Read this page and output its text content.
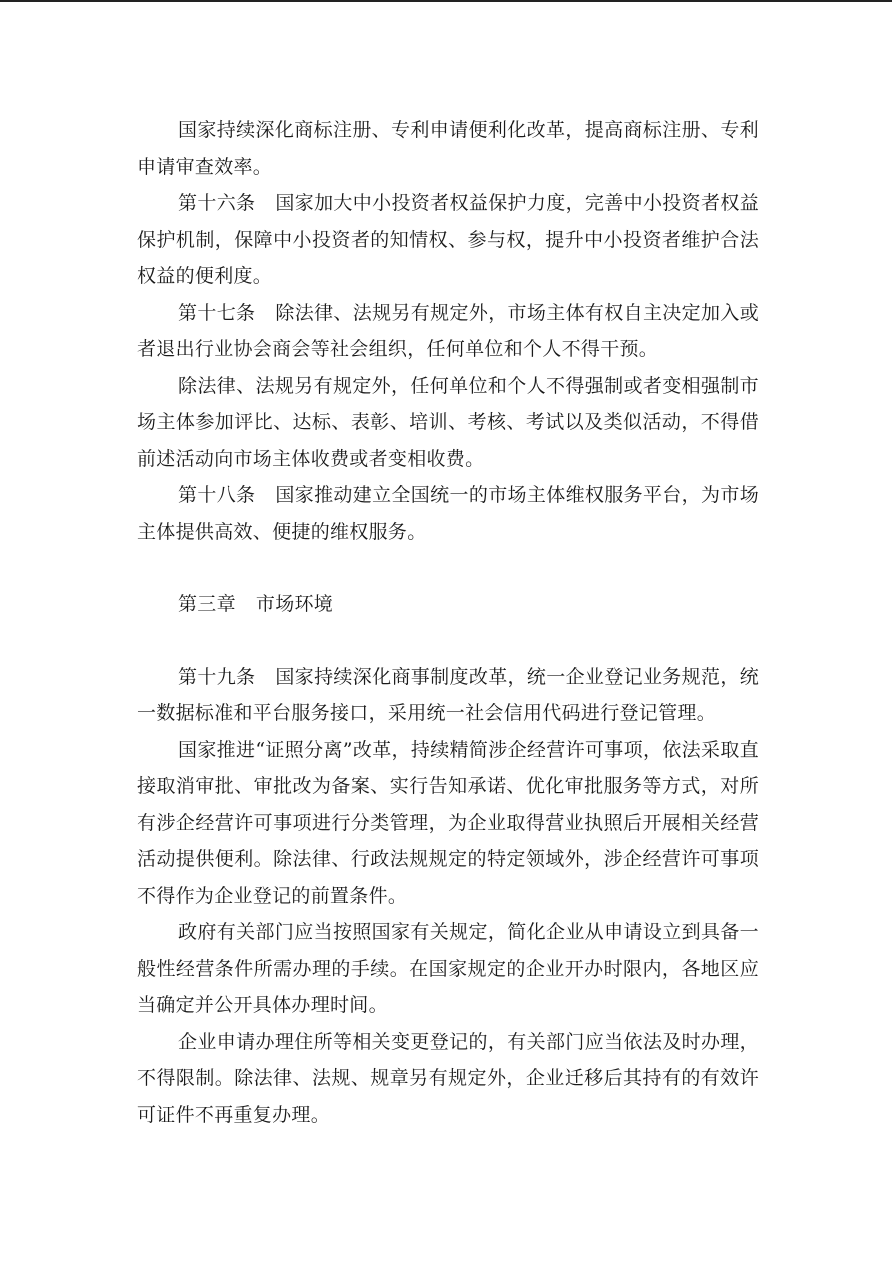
国家持续深化商标注册、专利申请便利化改革，提高商标注册、专利申请审查效率。

第十六条 国家加大中小投资者权益保护力度，完善中小投资者权益保护机制，保障中小投资者的知情权、参与权，提升中小投资者维护合法权益的便利度。

第十七条 除法律、法规另有规定外，市场主体有权自主决定加入或者退出行业协会商会等社会组织，任何单位和个人不得干预。

除法律、法规另有规定外，任何单位和个人不得强制或者变相强制市场主体参加评比、达标、表彰、培训、考核、考试以及类似活动，不得借前述活动向市场主体收费或者变相收费。

第十八条 国家推动建立全国统一的市场主体维权服务平台，为市场主体提供高效、便捷的维权服务。

第三章 市场环境

第十九条 国家持续深化商事制度改革，统一企业登记业务规范，统一数据标准和平台服务接口，采用统一社会信用代码进行登记管理。

国家推进“证照分离”改革，持续精简涉企经营许可事项，依法采取直接取消审批、审批改为备案、实行告知承诺、优化审批服务等方式，对所有涉企经营许可事项进行分类管理，为企业取得营业执照后开展相关经营活动提供便利。除法律、行政法规规定的特定领域外，涉企经营许可事项不得作为企业登记的前置条件。

政府有关部门应当按照国家有关规定，简化企业从申请设立到具备一般性经营条件所需办理的手续。在国家规定的企业开办时限内，各地区应当确定并公开具体办理时间。

企业申请办理住所等相关变更登记的，有关部门应当依法及时办理，不得限制。除法律、法规、规章另有规定外，企业迁移后其持有的有效许可证件不再重复办理。
